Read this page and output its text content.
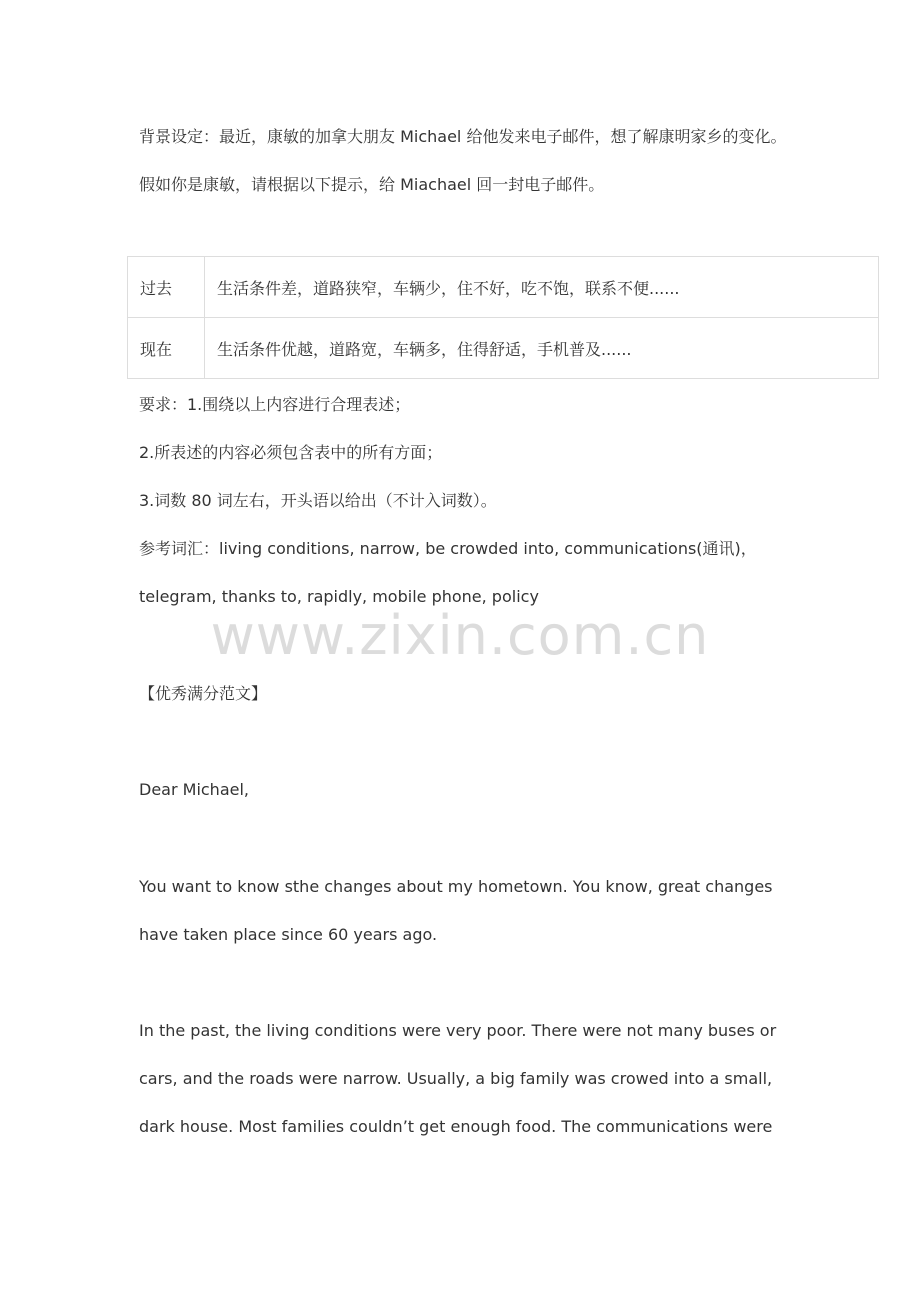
背景设定：最近，康敏的加拿大朋友 Michael 给他发来电子邮件，想了解康明家乡的变化。

假如你是康敏，请根据以下提示，给 Miachael 回一封电子邮件。

过去	生活条件差，道路狭窄，车辆少，住不好，吃不饱，联系不便......
现在	生活条件优越，道路宽，车辆多，住得舒适，手机普及......

要求：1.围绕以上内容进行合理表述；

2.所表述的内容必须包含表中的所有方面；

3.词数 80 词左右，开头语以给出（不计入词数）。

参考词汇：living conditions, narrow, be crowded into, communications(通讯)，

telegram, thanks to, rapidly, mobile phone, policy

www.zixin.com.cn

【优秀满分范文】

Dear Michael,

You want to know sthe changes about my hometown. You know, great changes

have taken place since 60 years ago.

In the past, the living conditions were very poor. There were not many buses or

cars, and the roads were narrow. Usually, a big family was crowed into a small,

dark house. Most families couldn’t get enough food. The communications were
